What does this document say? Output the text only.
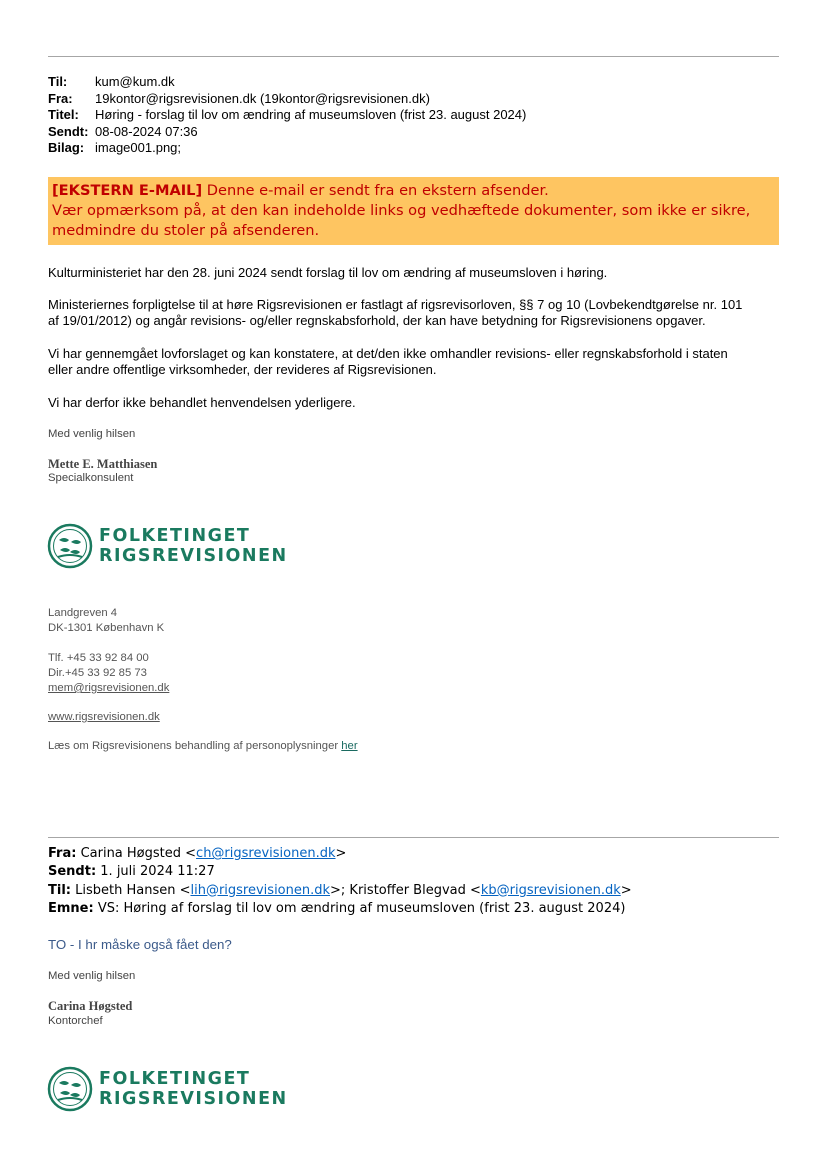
Til:	kum@kum.dk
Fra:	19kontor@rigsrevisionen.dk (19kontor@rigsrevisionen.dk)
Titel:	Høring - forslag til lov om ændring af museumsloven (frist 23. august 2024)
Sendt: 08-08-2024 07:36
Bilag: image001.png;
[EKSTERN E-MAIL] Denne e-mail er sendt fra en ekstern afsender.
Vær opmærksom på, at den kan indeholde links og vedhæftede dokumenter, som ikke er sikre,
medmindre du stoler på afsenderen.
Kulturministeriet har den 28. juni 2024 sendt forslag til lov om ændring af museumsloven i høring.
Ministeriernes forpligtelse til at høre Rigsrevisionen er fastlagt af rigsrevisorloven, §§ 7 og 10 (Lovbekendtgørelse nr. 101
af 19/01/2012) og angår revisions- og/eller regnskabsforhold, der kan have betydning for Rigsrevisionens opgaver.
Vi har gennemgået lovforslaget og kan konstatere, at det/den ikke omhandler revisions- eller regnskabsforhold i staten
eller andre offentlige virksomheder, der revideres af Rigsrevisionen.
Vi har derfor ikke behandlet henvendelsen yderligere.
Med venlig hilsen
Mette E. Matthiasen
Specialkonsulent
FOLKETINGET
RIGSREVISIONEN
Landgreven 4
DK-1301 København K
Tlf. +45 33 92 84 00
Dir.+45 33 92 85 73
mem@rigsrevisionen.dk
www.rigsrevisionen.dk
Læs om Rigsrevisionens behandling af personoplysninger her
Fra: Carina Høgsted <ch@rigsrevisionen.dk>
Sendt: 1. juli 2024 11:27
Til: Lisbeth Hansen <lih@rigsrevisionen.dk>; Kristoffer Blegvad <kb@rigsrevisionen.dk>
Emne: VS: Høring af forslag til lov om ændring af museumsloven (frist 23. august 2024)
TO - I hr måske også fået den?
Med venlig hilsen
Carina Høgsted
Kontorchef
FOLKETINGET
RIGSREVISIONEN
